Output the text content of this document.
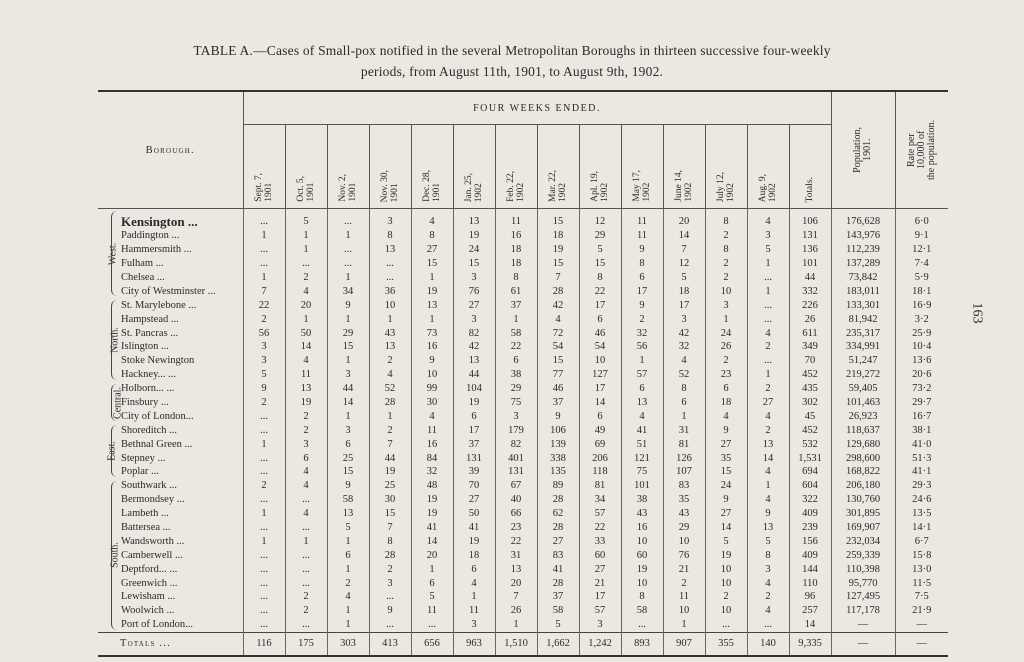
TABLE A.—Cases of Small-pox notified in the several Metropolitan Boroughs in thirteen successive four-weekly
periods, from August 11th, 1901, to August 9th, 1902.
163
Borough.		FOUR WEEKS ENDED.														Population,
1901.	Rate per
10,000 of
the population.

		Sept. 7,
1901	Oct. 5,
1901	Nov. 2,
1901	Nov. 30,
1901	Dec. 28,
1901	Jan. 25,
1902	Feb. 22,
1902	Mar. 22,
1902	Apl. 19,
1902	May 17,
1902	June 14,
1902	July 12,
1902	Aug. 9,
1902	Totals.		

West.	Kensington ...	...	5	...	3	4	13	11	15	12	11	20	8	4	106	176,628	6·0
	Paddington ...	1	1	1	8	8	19	16	18	29	11	14	2	3	131	143,976	9·1
	Hammersmith ...	...	1	...	13	27	24	18	19	5	9	7	8	5	136	112,239	12·1
	Fulham ...	...	...	...	...	15	15	18	15	15	8	12	2	1	101	137,289	7·4
	Chelsea ...	1	2	1	...	1	3	8	7	8	6	5	2	...	44	73,842	5·9
	City of Westminster ...	7	4	34	36	19	76	61	28	22	17	18	10	1	332	183,011	18·1

North.	St. Marylebone ...	22	20	9	10	13	27	37	42	17	9	17	3	...	226	133,301	16·9
	Hampstead ...	2	1	1	1	1	3	1	4	6	2	3	1	...	26	81,942	3·2
	St. Pancras ...	56	50	29	43	73	82	58	72	46	32	42	24	4	611	235,317	25·9
	Islington ...	3	14	15	13	16	42	22	54	54	56	32	26	2	349	334,991	10·4
	Stoke Newington	3	4	1	2	9	13	6	15	10	1	4	2	...	70	51,247	13·6
	Hackney... ...	5	11	3	4	10	44	38	77	127	57	52	23	1	452	219,272	20·6

Central.	Holborn... ...	9	13	44	52	99	104	29	46	17	6	8	6	2	435	59,405	73·2
	Finsbury ...	2	19	14	28	30	19	75	37	14	13	6	18	27	302	101,463	29·7
	City of London...	...	2	1	1	4	6	3	9	6	4	1	4	4	45	26,923	16·7

East.	Shoreditch ...	...	2	3	2	11	17	179	106	49	41	31	9	2	452	118,637	38·1
	Bethnal Green ...	1	3	6	7	16	37	82	139	69	51	81	27	13	532	129,680	41·0
	Stepney ...	...	6	25	44	84	131	401	338	206	121	126	35	14	1,531	298,600	51·3
	Poplar ...	...	4	15	19	32	39	131	135	118	75	107	15	4	694	168,822	41·1

South.	Southwark ...	2	4	9	25	48	70	67	89	81	101	83	24	1	604	206,180	29·3
	Bermondsey ...	...	...	58	30	19	27	40	28	34	38	35	9	4	322	130,760	24·6
	Lambeth ...	1	4	13	15	19	50	66	62	57	43	43	27	9	409	301,895	13·5
	Battersea ...	...	...	5	7	41	41	23	28	22	16	29	14	13	239	169,907	14·1
	Wandsworth ...	1	1	1	8	14	19	22	27	33	10	10	5	5	156	232,034	6·7
	Camberwell ...	...	...	6	28	20	18	31	83	60	60	76	19	8	409	259,339	15·8
	Deptford... ...	...	...	1	2	1	6	13	41	27	19	21	10	3	144	110,398	13·0
	Greenwich ...	...	...	2	3	6	4	20	28	21	10	2	10	4	110	95,770	11·5
	Lewisham ...	...	2	4	...	5	1	7	37	17	8	11	2	2	96	127,495	7·5
	Woolwich ...	...	2	1	9	11	11	26	58	57	58	10	10	4	257	117,178	21·9
	Port of London...	...	...	1	...	...	3	1	5	3	...	1	...	...	14	—	—
Totals ...		116	175	303	413	656	963	1,510	1,662	1,242	893	907	355	140	9,335	—	—
